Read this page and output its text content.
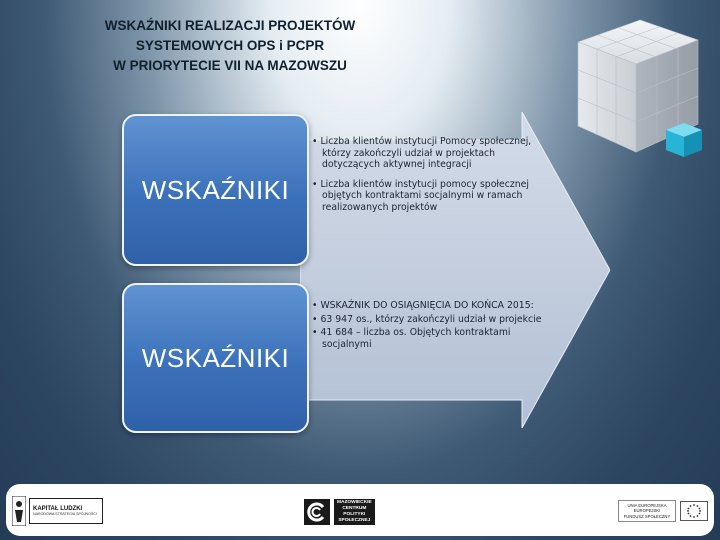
WSKAŹNIKI REALIZACJI PROJEKTÓW
SYSTEMOWYCH OPS i PCPR
W PRIORYTECIE VII NA MAZOWSZU
WSKAŹNIKI
WSKAŹNIKI
• Liczba klientów instytucji Pomocy społecznej, którzy zakończyli udział w projektach dotyczących aktywnej integracji
• Liczba klientów instytucji pomocy społecznej objętych kontraktami socjalnymi w ramach realizowanych projektów
• WSKAŹNIK DO OSIĄGNIĘCIA DO KOŃCA 2015:
• 63 947 os., którzy zakończyli udział w projekcie
• 41 684 – liczba os. Objętych kontraktami socjalnymi
KAPITAŁ LUDZKI
NARODOWA STRATEGIA SPÓJNOŚCI
MAZOWIECKIE
CENTRUM
POLITYKI
SPOŁECZNEJ
UNIA EUROPEJSKA
EUROPEJSKI
FUNDUSZ SPOŁECZNY
